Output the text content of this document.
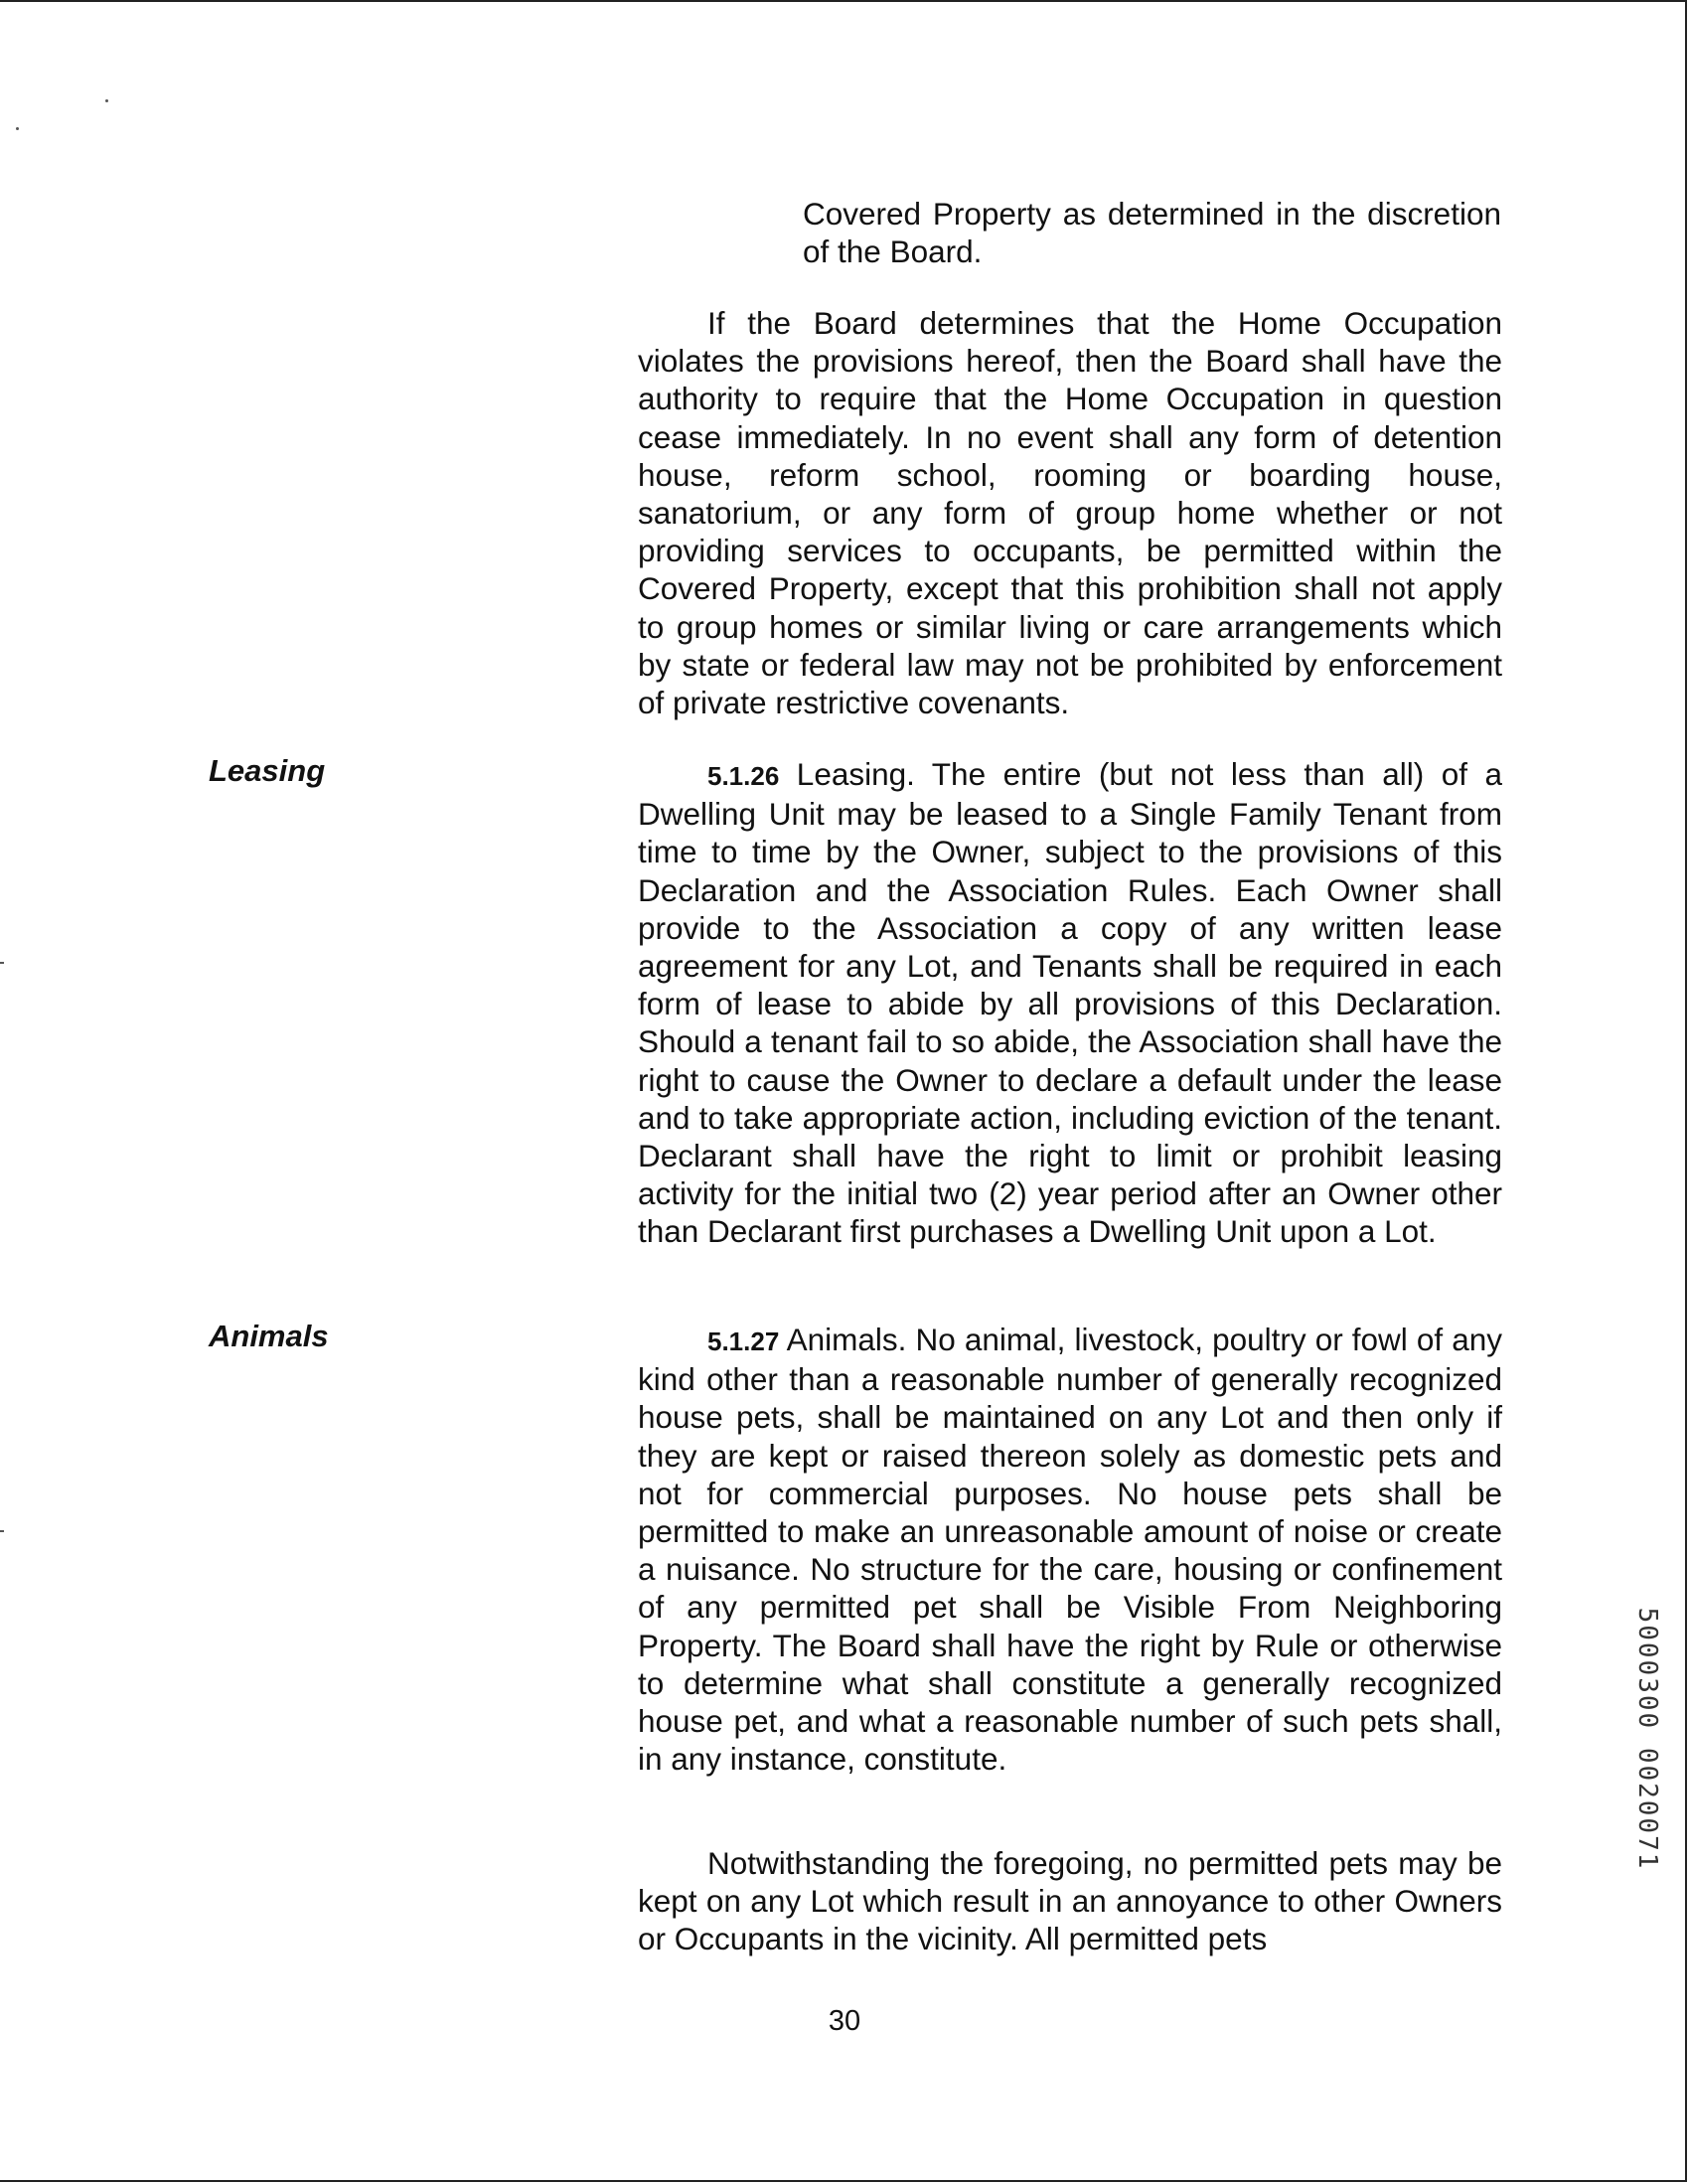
Covered Property as determined in the discretion of the Board.

If the Board determines that the Home Occupation violates the provisions hereof, then the Board shall have the authority to require that the Home Occupation in question cease immediately. In no event shall any form of detention house, reform school, rooming or boarding house, sanatorium, or any form of group home whether or not providing services to occupants, be permitted within the Covered Property, except that this prohibition shall not apply to group homes or similar living or care arrangements which by state or federal law may not be prohibited by enforcement of private restrictive covenants.

Leasing	5.1.26 Leasing. The entire (but not less than all) of a Dwelling Unit may be leased to a Single Family Tenant from time to time by the Owner, subject to the provisions of this Declaration and the Association Rules. Each Owner shall provide to the Association a copy of any written lease agreement for any Lot, and Tenants shall be required in each form of lease to abide by all provisions of this Declaration. Should a tenant fail to so abide, the Association shall have the right to cause the Owner to declare a default under the lease and to take appropriate action, including eviction of the tenant. Declarant shall have the right to limit or prohibit leasing activity for the initial two (2) year period after an Owner other than Declarant first purchases a Dwelling Unit upon a Lot.

Animals	5.1.27 Animals. No animal, livestock, poultry or fowl of any kind other than a reasonable number of generally recognized house pets, shall be maintained on any Lot and then only if they are kept or raised thereon solely as domestic pets and not for commercial purposes. No house pets shall be permitted to make an unreasonable amount of noise or create a nuisance. No structure for the care, housing or confinement of any permitted pet shall be Visible From Neighboring Property. The Board shall have the right by Rule or otherwise to determine what shall constitute a generally recognized house pet, and what a reasonable number of such pets shall, in any instance, constitute.

Notwithstanding the foregoing, no permitted pets may be kept on any Lot which result in an annoyance to other Owners or Occupants in the vicinity. All permitted pets

30
5000300 0020071
